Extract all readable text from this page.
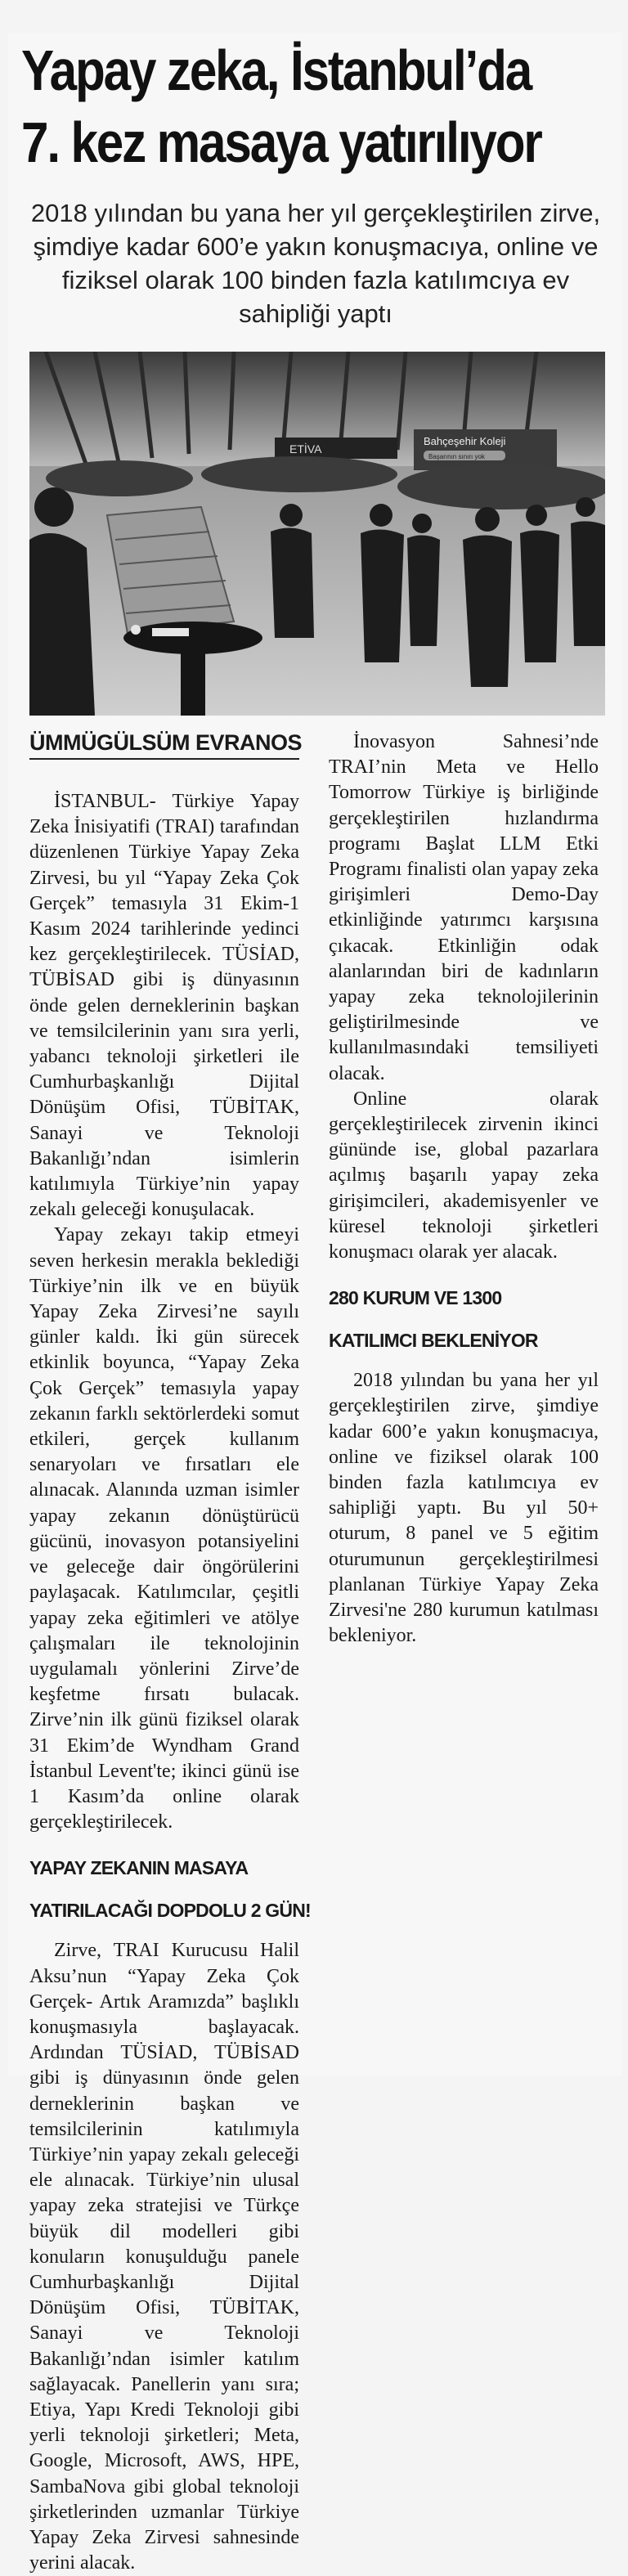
Yapay zeka, İstanbul’da
7. kez masaya yatırılıyor

2018 yılından bu yana her yıl gerçekleştirilen zirve, şimdiye kadar 600’e yakın konuşmacıya, online ve fiziksel olarak 100 binden fazla katılımcıya ev sahipliği yaptı

ETİVA
Bahçeşehir Koleji
Başarının sınırı yok
ÜMMÜGÜLSÜM EVRANOS

İSTANBUL- Türkiye Yapay Zeka İnisiyatifi (TRAI) tarafından düzenlenen Türkiye Yapay Zeka Zirvesi, bu yıl “Yapay Zeka Çok Gerçek” temasıyla 31 Ekim-1 Kasım 2024 tarihlerinde yedinci kez gerçekleştirilecek. TÜSİAD, TÜBİSAD gibi iş dünyasının önde gelen derneklerinin başkan ve temsilcilerinin yanı sıra yerli, yabancı teknoloji şirketleri ile Cumhurbaşkanlığı Dijital Dönüşüm Ofisi, TÜBİTAK, Sanayi ve Teknoloji Bakanlığı’ndan isimlerin katılımıyla Türkiye’nin yapay zekalı geleceği konuşulacak.

Yapay zekayı takip etmeyi seven herkesin merakla beklediği Türkiye’nin ilk ve en büyük Yapay Zeka Zirvesi’ne sayılı günler kaldı. İki gün sürecek etkinlik boyunca, “Yapay Zeka Çok Gerçek” temasıyla yapay zekanın farklı sektörlerdeki somut etkileri, gerçek kullanım senaryoları ve fırsatları ele alınacak. Alanında uzman isimler yapay zekanın dönüştürücü gücünü, inovasyon potansiyelini ve geleceğe dair öngörülerini paylaşacak. Katılımcılar, çeşitli yapay zeka eğitimleri ve atölye çalışmaları ile teknolojinin uygulamalı yönlerini Zirve’de keşfetme fırsatı bulacak. Zirve’nin ilk günü fiziksel olarak 31 Ekim’de Wyndham Grand İstanbul Levent'te; ikinci günü ise 1 Kasım’da online olarak gerçekleştirilecek.

YAPAY ZEKANIN MASAYA
YATIRILACAĞI DOPDOLU 2 GÜN!

Zirve, TRAI Kurucusu Halil Aksu’nun “Yapay Zeka Çok Gerçek- Artık Aramızda” başlıklı konuşmasıyla başlayacak. Ardından TÜSİAD, TÜBİSAD gibi iş dünyasının önde gelen derneklerinin başkan ve temsilcilerinin katılımıyla Türkiye’nin yapay zekalı geleceği ele alınacak. Türkiye’nin ulusal yapay zeka stratejisi ve Türkçe büyük dil modelleri gibi konuların konuşulduğu panele Cumhurbaşkanlığı Dijital Dönüşüm Ofisi, TÜBİTAK, Sanayi ve Teknoloji Bakanlığı’ndan isimler katılım sağlayacak. Panellerin yanı sıra; Etiya, Yapı Kredi Teknoloji gibi yerli teknoloji şirketleri; Meta, Google, Microsoft, AWS, HPE, SambaNova gibi global teknoloji şirketlerinden uzmanlar Türkiye Yapay Zeka Zirvesi sahnesinde yerini alacak.

İnovasyon Sahnesi’nde TRAI’nin Meta ve Hello Tomorrow Türkiye iş birliğinde gerçekleştirilen hızlandırma programı Başlat LLM Etki Programı finalisti olan yapay zeka girişimleri Demo-Day etkinliğinde yatırımcı karşısına çıkacak. Etkinliğin odak alanlarından biri de kadınların yapay zeka teknolojilerinin geliştirilmesinde ve kullanılmasındaki temsiliyeti olacak.

Online olarak gerçekleştirilecek zirvenin ikinci gününde ise, global pazarlara açılmış başarılı yapay zeka girişimcileri, akademisyenler ve küresel teknoloji şirketleri konuşmacı olarak yer alacak.

280 KURUM VE 1300
KATILIMCI BEKLENİYOR

2018 yılından bu yana her yıl gerçekleştirilen zirve, şimdiye kadar 600’e yakın konuşmacıya, online ve fiziksel olarak 100 binden fazla katılımcıya ev sahipliği yaptı. Bu yıl 50+ oturum, 8 panel ve 5 eğitim oturumunun gerçekleştirilmesi planlanan Türkiye Yapay Zeka Zirvesi'ne 280 kurumun katılması bekleniyor.
